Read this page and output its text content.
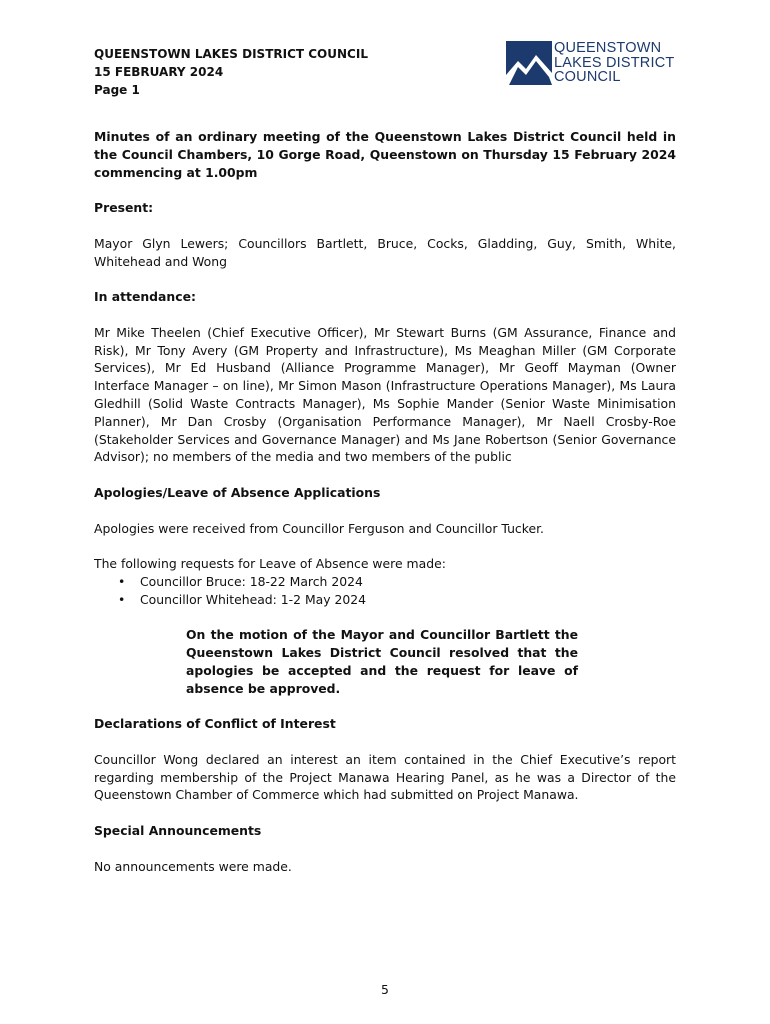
QUEENSTOWN LAKES DISTRICT COUNCIL
15 FEBRUARY 2024
Page 1
QUEENSTOWN
LAKES DISTRICT
COUNCIL

Minutes of an ordinary meeting of the Queenstown Lakes District Council held in the Council Chambers, 10 Gorge Road, Queenstown on Thursday 15 February 2024 commencing at 1.00pm

Present:

Mayor Glyn Lewers; Councillors Bartlett, Bruce, Cocks, Gladding, Guy, Smith, White, Whitehead and Wong

In attendance:

Mr Mike Theelen (Chief Executive Officer), Mr Stewart Burns (GM Assurance, Finance and Risk), Mr Tony Avery (GM Property and Infrastructure), Ms Meaghan Miller (GM Corporate Services), Mr Ed Husband (Alliance Programme Manager), Mr Geoff Mayman (Owner Interface Manager – on line), Mr Simon Mason (Infrastructure Operations Manager), Ms Laura Gledhill (Solid Waste Contracts Manager), Ms Sophie Mander (Senior Waste Minimisation Planner), Mr Dan Crosby (Organisation Performance Manager), Mr Naell Crosby-Roe (Stakeholder Services and Governance Manager) and Ms Jane Robertson (Senior Governance Advisor); no members of the media and two members of the public

Apologies/Leave of Absence Applications

Apologies were received from Councillor Ferguson and Councillor Tucker.

The following requests for Leave of Absence were made:

• Councillor Bruce: 18-22 March 2024
• Councillor Whitehead: 1-2 May 2024

On the motion of the Mayor and Councillor Bartlett the Queenstown Lakes District Council resolved that the apologies be accepted and the request for leave of absence be approved.

Declarations of Conflict of Interest

Councillor Wong declared an interest an item contained in the Chief Executive’s report regarding membership of the Project Manawa Hearing Panel, as he was a Director of the Queenstown Chamber of Commerce which had submitted on Project Manawa.

Special Announcements

No announcements were made.

5
